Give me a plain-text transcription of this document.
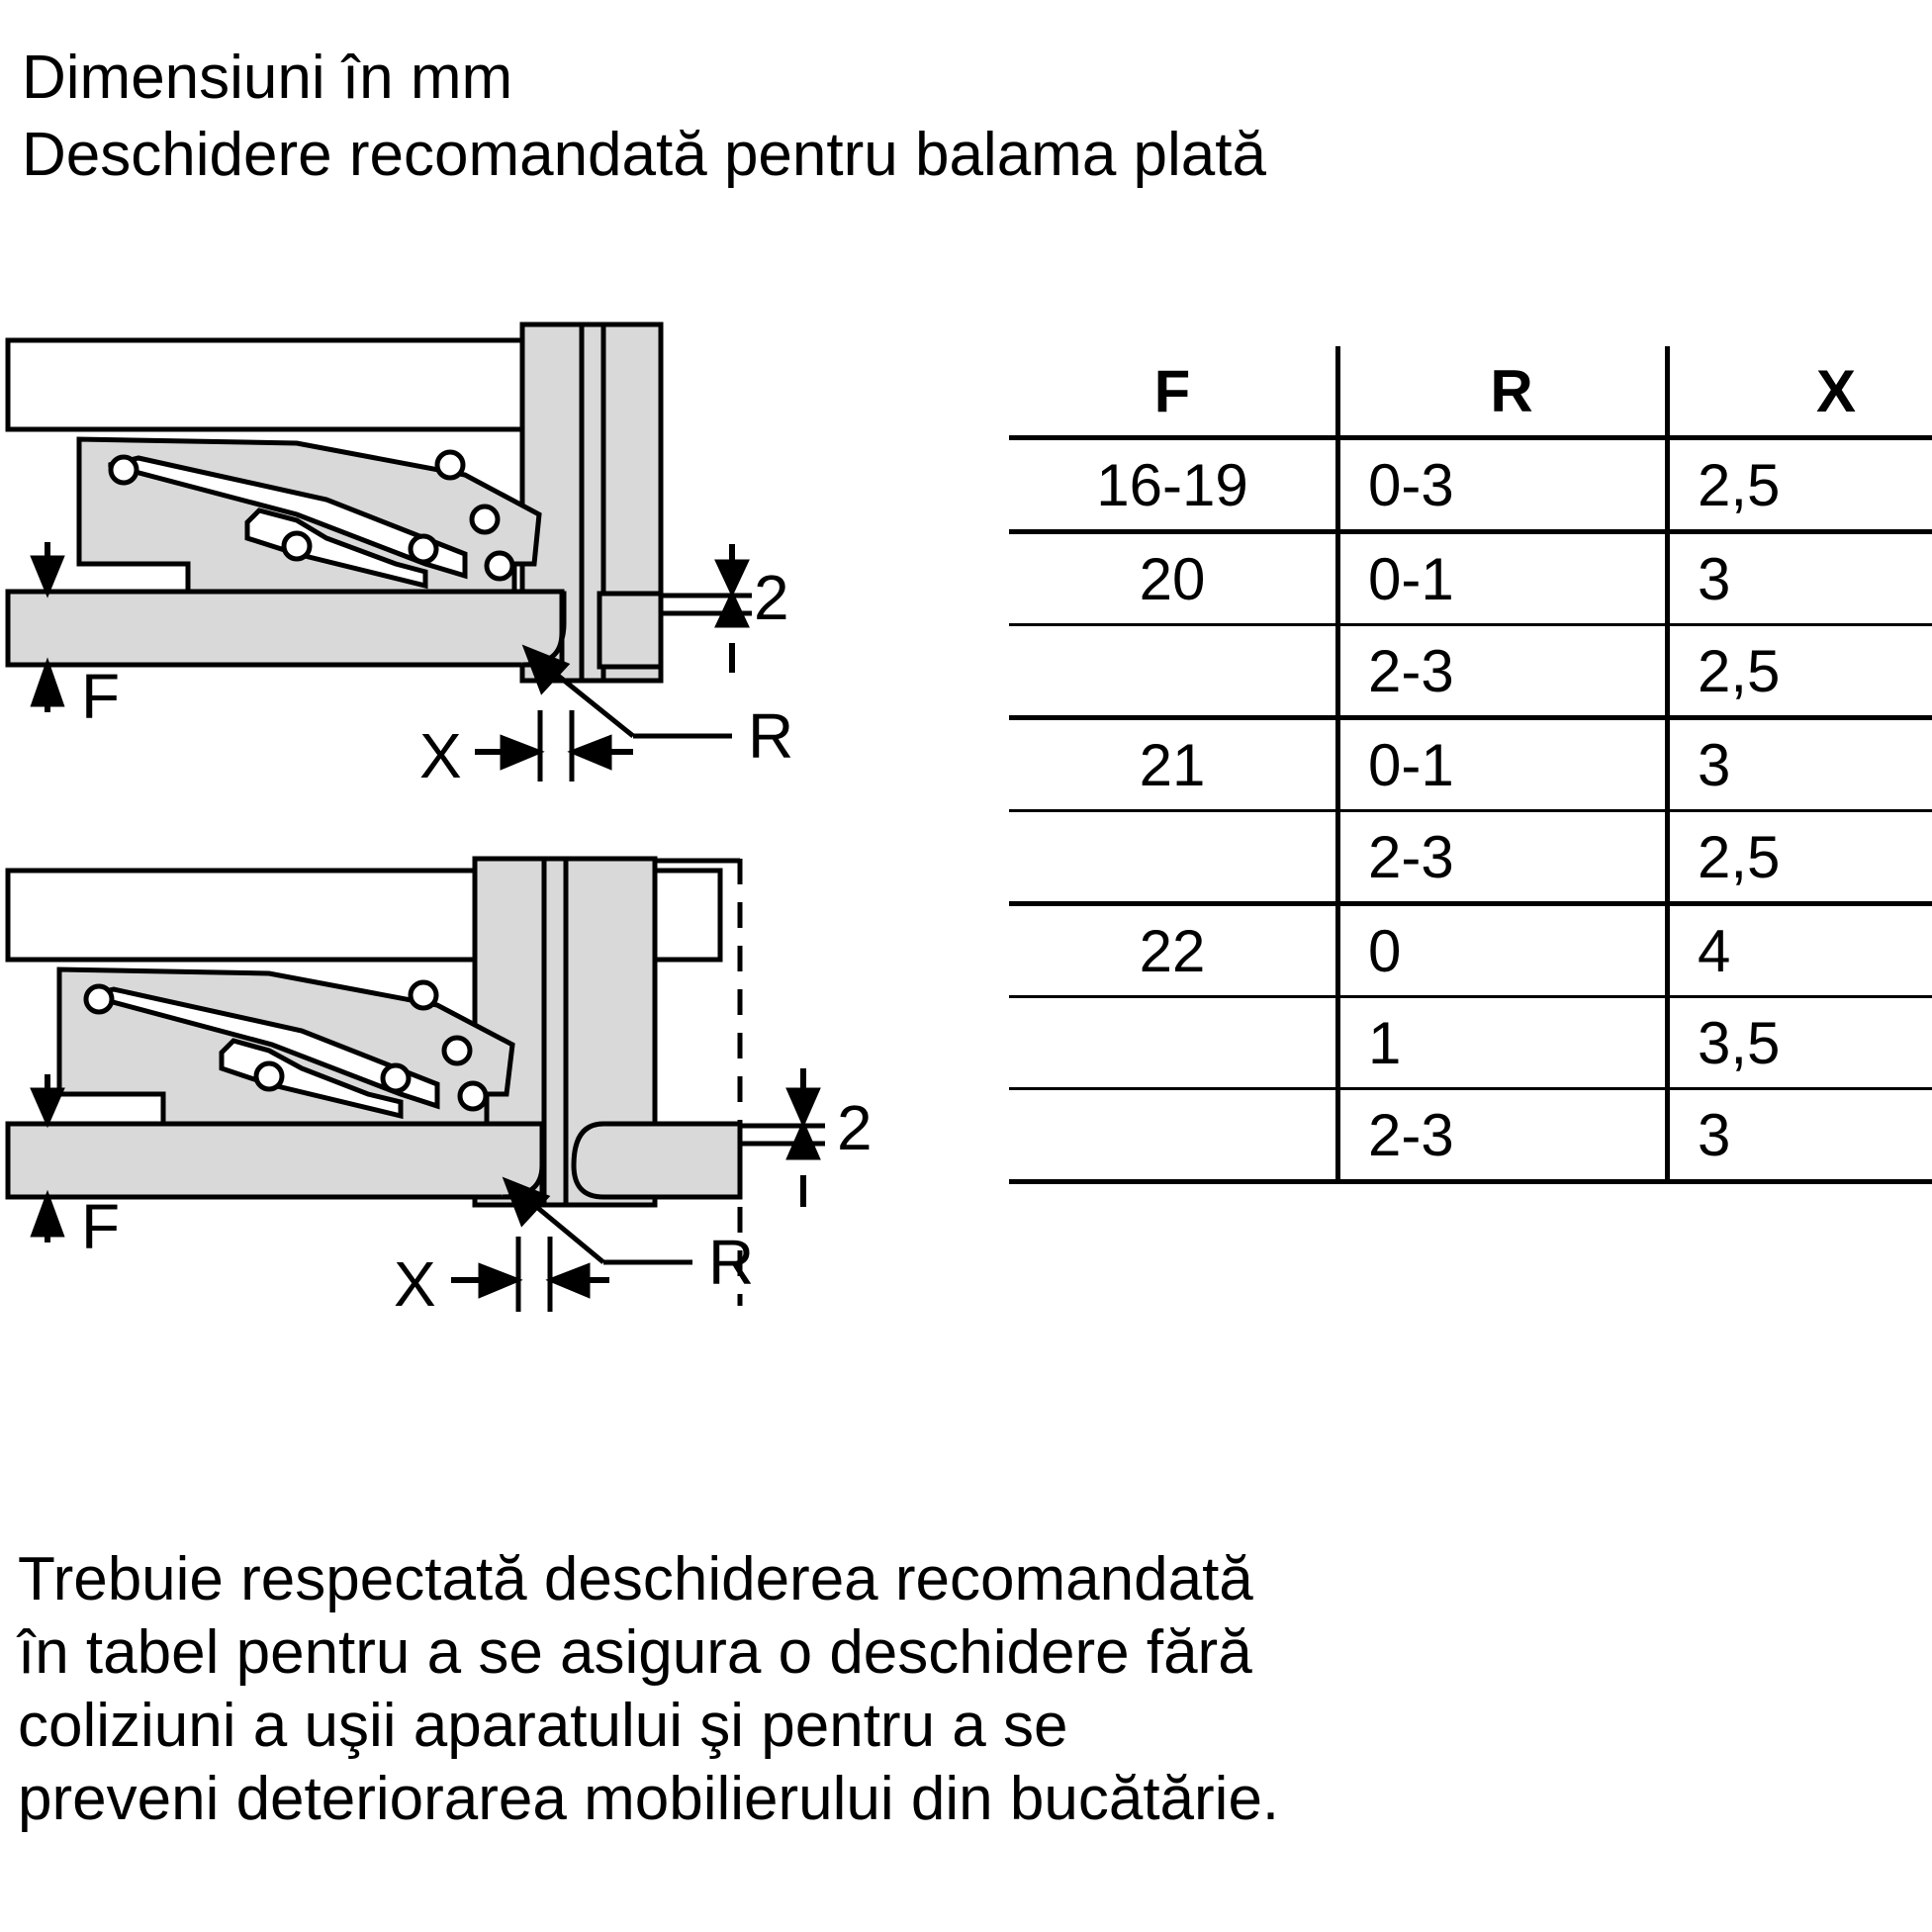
Dimensiuni în mm
Deschidere recomandată pentru balama plată
2
F
R
X
2
F	R
X
F	R	X
16-19	0-3	2,5
20	0-1	3
	2-3	2,5
21	0-1	3
	2-3	2,5
22	0	4
	1	3,5
	2-3	3
Trebuie respectată deschiderea recomandată
în tabel pentru a se asigura o deschidere fără
coliziuni a uşii aparatului şi pentru a se
preveni deteriorarea mobilierului din bucătărie.
